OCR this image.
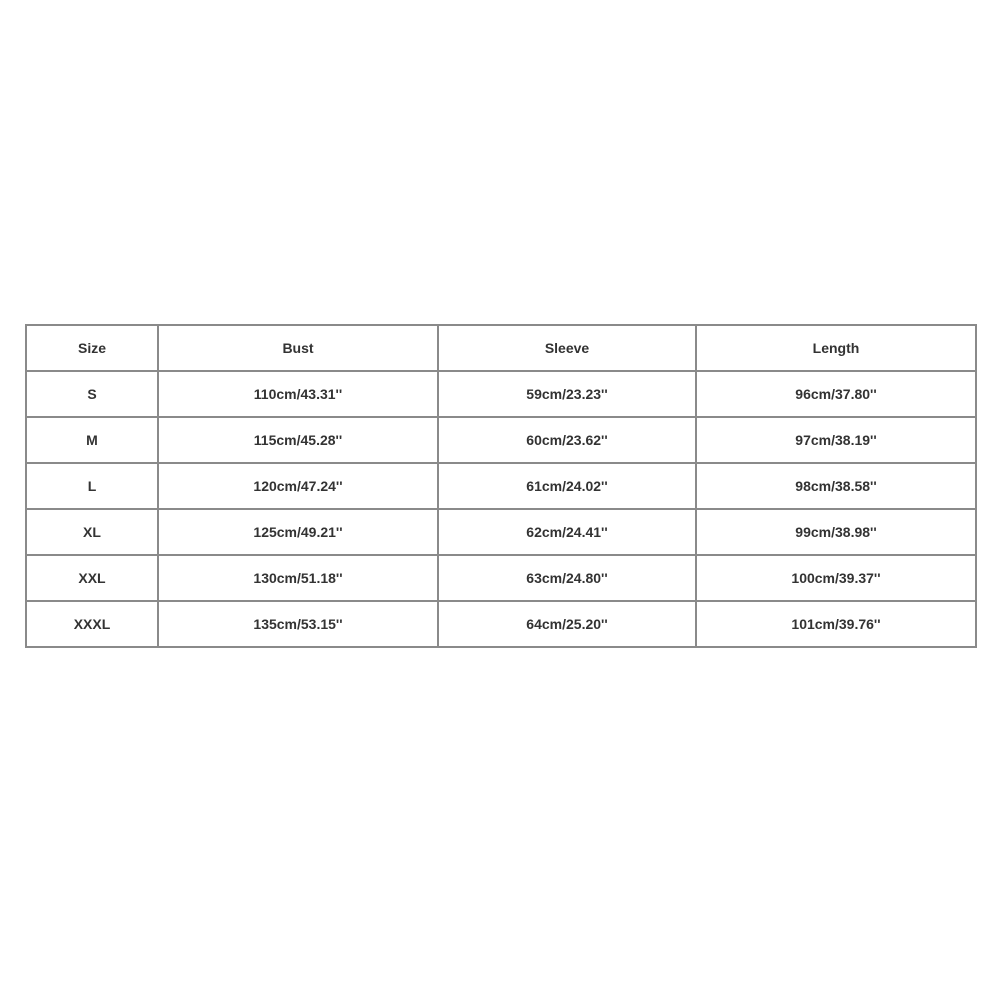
Size	Bust	Sleeve	Length
S	110cm/43.31''	59cm/23.23''	96cm/37.80''
M	115cm/45.28''	60cm/23.62''	97cm/38.19''
L	120cm/47.24''	61cm/24.02''	98cm/38.58''
XL	125cm/49.21''	62cm/24.41''	99cm/38.98''
XXL	130cm/51.18''	63cm/24.80''	100cm/39.37''
XXXL	135cm/53.15''	64cm/25.20''	101cm/39.76''
